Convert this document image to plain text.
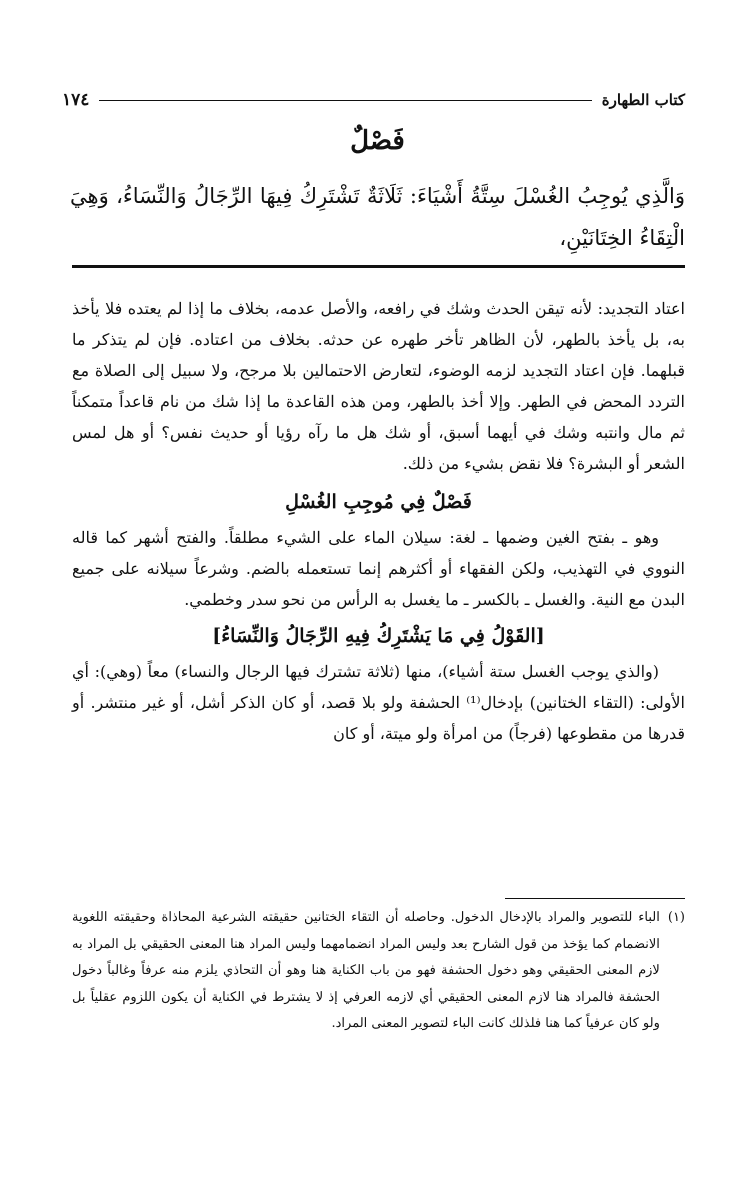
كتاب الطهارة
١٧٤
فَصْلٌ
وَالَّذِي يُوجِبُ الغُسْلَ سِتَّةُ أَشْيَاءَ: ثَلَاثَةٌ تَشْتَرِكُ فِيهَا الرِّجَالُ وَالنِّسَاءُ، وَهِيَ الْتِقَاءُ الخِتَانَيْنِ،

اعتاد التجديد: لأنه تيقن الحدث وشك في رافعه، والأصل عدمه، بخلاف ما إذا لم يعتده فلا يأخذ به، بل يأخذ بالطهر، لأن الظاهر تأخر طهره عن حدثه. بخلاف من اعتاده. فإن لم يتذكر ما قبلهما. فإن اعتاد التجديد لزمه الوضوء، لتعارض الاحتمالين بلا مرجح، ولا سبيل إلى الصلاة مع التردد المحض في الطهر. وإلا أخذ بالطهر، ومن هذه القاعدة ما إذا شك من نام قاعداً متمكناً ثم مال وانتبه وشك في أيهما أسبق، أو شك هل ما رآه رؤيا أو حديث نفس؟ أو هل لمس الشعر أو البشرة؟ فلا نقض بشيء من ذلك.

فَصْلٌ فِي مُوجِبِ الغُسْلِ

وهو ـ بفتح الغين وضمها ـ لغة: سيلان الماء على الشيء مطلقاً. والفتح أشهر كما قاله النووي في التهذيب، ولكن الفقهاء أو أكثرهم إنما تستعمله بالضم. وشرعاً سيلانه على جميع البدن مع النية. والغسل ـ بالكسر ـ ما يغسل به الرأس من نحو سدر وخطمي.

[القَوْلُ فِي مَا يَشْتَرِكُ فِيهِ الرِّجَالُ وَالنِّسَاءُ]

(والذي يوجب الغسل ستة أشياء)، منها (ثلاثة تشترك فيها الرجال والنساء) معاً (وهي): أي الأولى: (التقاء الختانين) بإدخال⁽¹⁾ الحشفة ولو بلا قصد، أو كان الذكر أشل، أو غير منتشر. أو قدرها من مقطوعها (فرجاً) من امرأة ولو ميتة، أو كان

(١)
الباء للتصوير والمراد بالإدخال الدخول. وحاصله أن التقاء الختانين حقيقته الشرعية المحاذاة وحقيقته اللغوية الانضمام كما يؤخذ من قول الشارح بعد وليس المراد انضمامهما وليس المراد هنا المعنى الحقيقي بل المراد به لازم المعنى الحقيقي وهو دخول الحشفة فهو من باب الكناية هنا وهو أن التحاذي يلزم منه عرفاً وغالباً دخول الحشفة فالمراد هنا لازم المعنى الحقيقي أي لازمه العرفي إذ لا يشترط في الكناية أن يكون اللزوم عقلياً بل ولو كان عرفياً كما هنا فلذلك كانت الباء لتصوير المعنى المراد.
